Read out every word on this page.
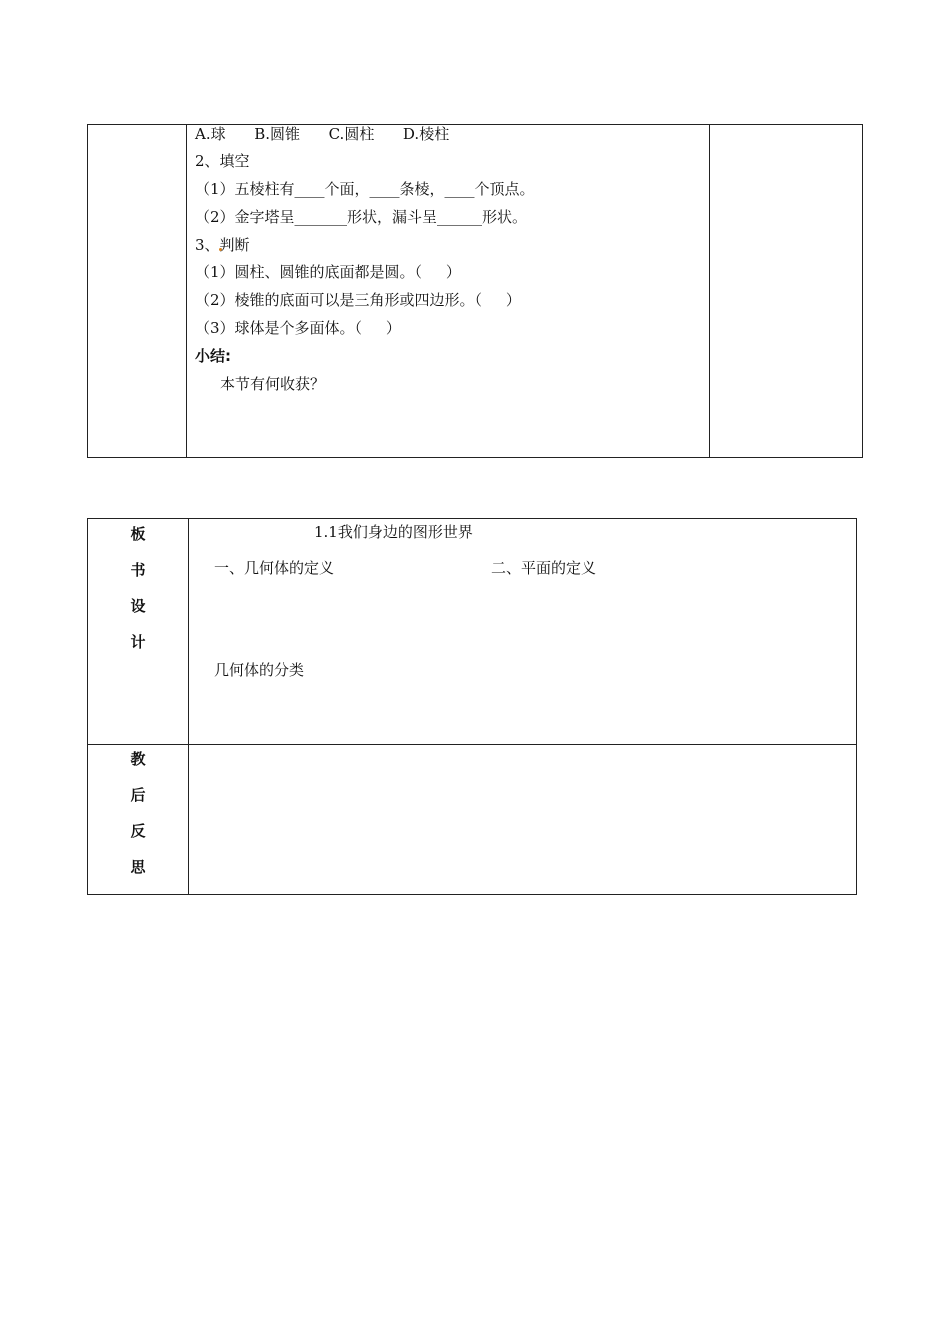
A.球      B.圆锥      C.圆柱      D.棱柱
2、填空
（1）五棱柱有____个面，____条棱，____个顶点。
（2）金字塔呈_______形状，漏斗呈______形状。
3、判断
（1）圆柱、圆锥的底面都是圆。（     ）
（2）棱锥的底面可以是三角形或四边形。（     ）
（3）球体是个多面体。（     ）
小结:
本节有何收获？
板
书
设
计
1.1我们身边的图形世界
一、几何体的定义	二、平面的定义
几何体的分类
教
后
反
思
